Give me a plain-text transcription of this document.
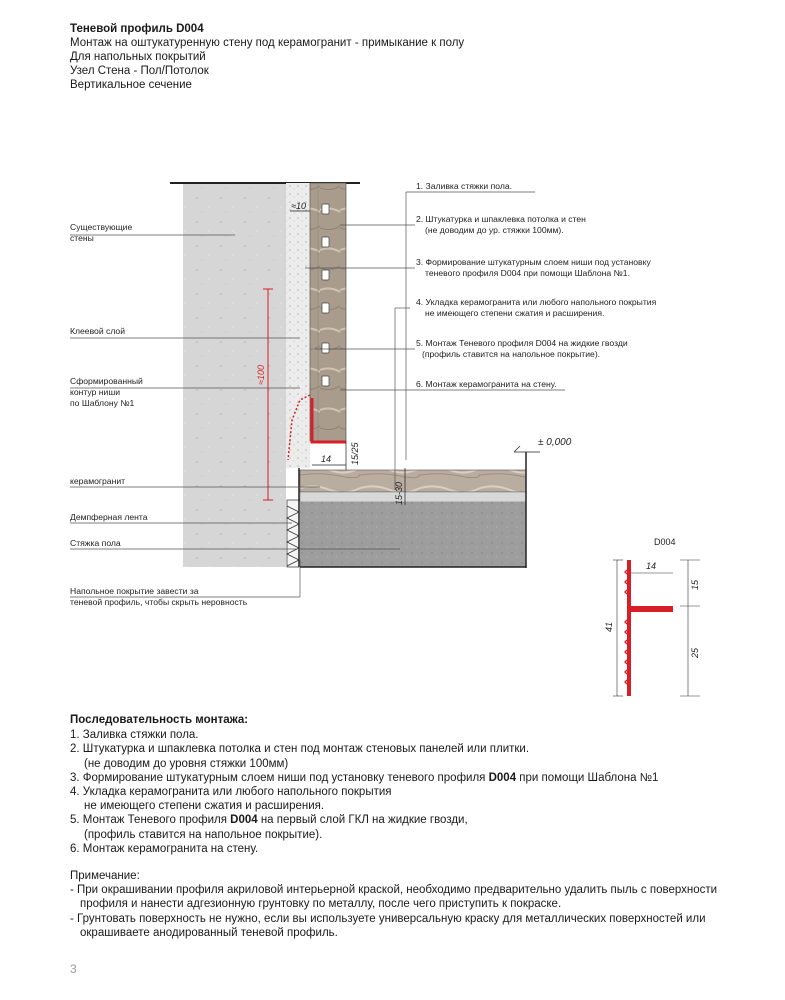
Теневой профиль D004
Монтаж на оштукатуренную стену под керамогранит - примыкание к полу
Для напольных покрытий
Узел Стена - Пол/Потолок
Вертикальное сечение
≈10
≈100
14 15/25
15-30
± 0,000
Существующие стены
Клеевой слой
Сформированный контур ниши по Шаблону №1
керамогранит
Демпферная лента
Стяжка пола
Напольное покрытие завести за теневой профиль, чтобы скрыть неровность
1. Заливка стяжки пола.
2. Штукатурка и шпаклевка потолка и стен (не доводим до ур. стяжки 100мм).
3. Формирование штукатурным слоем ниши под установку теневого профиля D004 при помощи Шаблона №1.
4. Укладка керамогранита или любого напольного покрытия не имеющего степени сжатия и расширения.
5. Монтаж Теневого профиля D004 на жидкие гвозди (профиль ставится на напольное покрытие).
6. Монтаж керамогранита на стену.
D004
41
14
15
25
Последовательность монтажа:
1. Заливка стяжки пола.
2. Штукатурка и шпаклевка потолка и стен под монтаж стеновых панелей или плитки.
(не доводим до уровня стяжки 100мм)
3. Формирование штукатурным слоем ниши под установку теневого профиля D004 при помощи Шаблона №1
4. Укладка керамогранита или любого напольного покрытия
не имеющего степени сжатия и расширения.
5. Монтаж Теневого профиля D004 на первый слой ГКЛ на жидкие гвозди,
(профиль ставится на напольное покрытие).
6. Монтаж керамогранита на стену.
Примечание:
- При окрашивании профиля акриловой интерьерной краской, необходимо предварительно удалить пыль с поверхности
профиля и нанести адгезионную грунтовку по металлу, после чего приступить к покраске.
- Грунтовать поверхность не нужно, если вы используете универсальную краску для металлических поверхностей или
окрашиваете анодированный теневой профиль.
3
